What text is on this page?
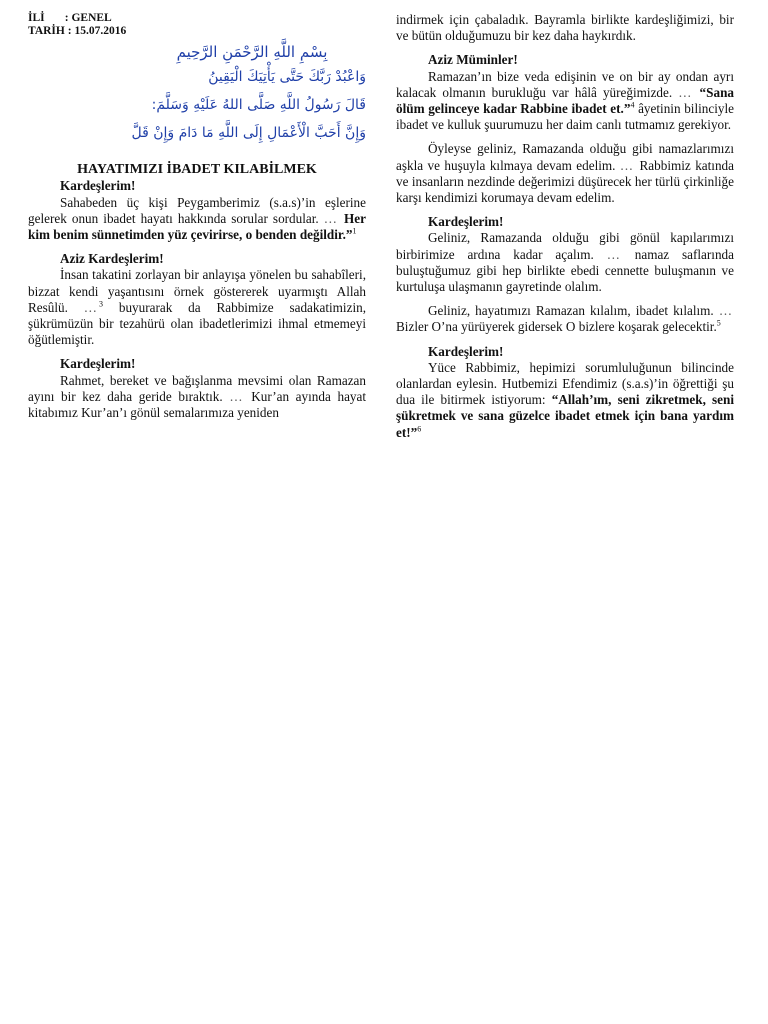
İLİ : GENEL
TARİH : 15.07.2016
بِسْمِ اللَّهِ الرَّحْمَنِ الرَّحِيمِ
وَاعْبُدْ رَبَّكَ حَتَّى يَأْتِيَكَ الْيَقِينُ
قَالَ رَسُولُ اللَّهِ صَلَّى اللهُ عَلَيْهِ وَسَلَّمَ:
وَإِنَّ أَحَبَّ الْأَعْمَالِ إِلَى اللَّهِ مَا دَامَ وَإِنْ قَلَّ
HAYATIMIZI İBADET KILABİLMEK
Kardeşlerim!

Sahabeden üç kişi Peygamberimiz (s.a.s)’in eşlerine gelerek onun ibadet hayatı hakkında sorular sordular. … Her kim benim sünnetimden yüz çevirirse, o benden değildir.”$^1$

Aziz Kardeşlerim!

İnsan takatini zorlayan bir anlayışa yönelen bu sahabîleri, bizzat kendi yaşantısını örnek göstererek uyarmıştı Allah Resûlü. …$^3$ buyurarak da Rabbimize sadakatimizin, şükrümüzün bir tezahürü olan ibadetlerimizi ihmal etmemeyi öğütlemiştir.

Kardeşlerim!

Rahmet, bereket ve bağışlanma mevsimi olan Ramazan ayını bir kez daha geride bıraktık. … Kur’an ayında hayat kitabımız Kur’an’ı gönül semalarımıza yeniden

indirmek için çabaladık. Bayramla birlikte kardeşliğimizi, bir ve bütün olduğumuzu bir kez daha haykırdık.

Aziz Müminler!

Ramazan’ın bize veda edişinin ve on bir ay ondan ayrı kalacak olmanın burukluğu var hâlâ yüreğimizde. … “Sana ölüm gelinceye kadar Rabbine ibadet et.”$^4$ âyetinin bilinciyle ibadet ve kulluk şuurumuzu her daim canlı tutmamız gerekiyor.

Öyleyse geliniz, Ramazanda olduğu gibi namazlarımızı aşkla ve huşuyla kılmaya devam edelim. … Rabbimiz katında ve insanların nezdinde değerimizi düşürecek her türlü çirkinliğe karşı kendimizi korumaya devam edelim.

Kardeşlerim!

Geliniz, Ramazanda olduğu gibi gönül kapılarımızı birbirimize ardına kadar açalım. … namaz saflarında buluştuğumuz gibi hep birlikte ebedi cennette buluşmanın ve kurtuluşa ulaşmanın gayretinde olalım.

Geliniz, hayatımızı Ramazan kılalım, ibadet kılalım. … Bizler O’na yürüyerek gidersek O bizlere koşarak gelecektir.$^5$

Kardeşlerim!

Yüce Rabbimiz, hepimizi sorumluluğunun bilincinde olanlardan eylesin. Hutbemizi Efendimiz (s.a.s)’in öğrettiği şu dua ile bitirmek istiyorum: “Allah’ım, seni zikretmek, seni şükretmek ve sana güzelce ibadet etmek için bana yardım et!”$^6$
